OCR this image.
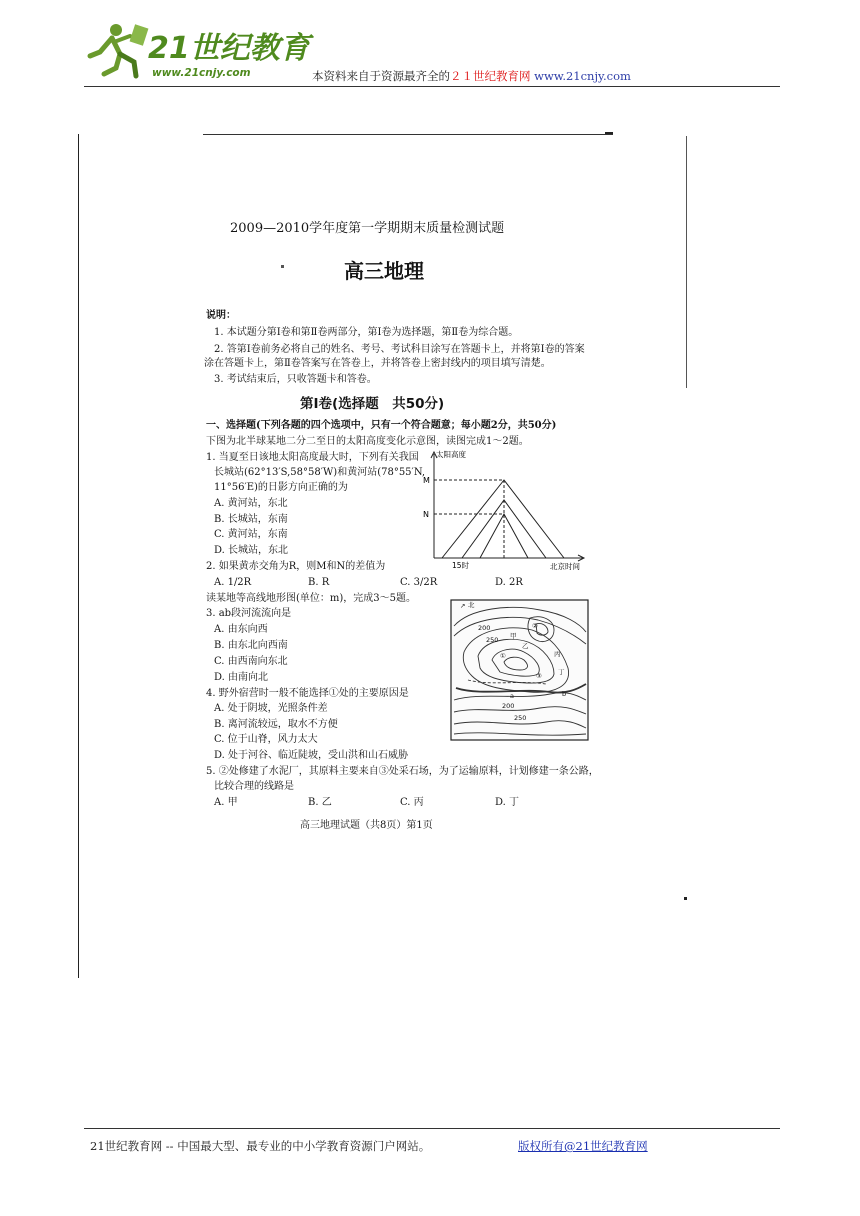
21世纪教育
www.21cnjy.com	本资料来自于资源最齐全的２１世纪教育网 www.21cnjy.com
2009—2010学年度第一学期期末质量检测试题
高三地理
说明：
1. 本试题分第Ⅰ卷和第Ⅱ卷两部分，第Ⅰ卷为选择题，第Ⅱ卷为综合题。
2. 答第Ⅰ卷前务必将自己的姓名、考号、考试科目涂写在答题卡上，并将第Ⅰ卷的答案
涂在答题卡上，第Ⅱ卷答案写在答卷上，并将答卷上密封线内的项目填写清楚。
3. 考试结束后，只收答题卡和答卷。
第Ⅰ卷(选择题　共50分)
一、选择题(下列各题的四个选项中，只有一个符合题意；每小题2分，共50分)
下图为北半球某地二分二至日的太阳高度变化示意图，读图完成1～2题。
1. 当夏至日该地太阳高度最大时，下列有关我国
长城站(62°13′S,58°58′W)和黄河站(78°55′N,
11°56′E)的日影方向正确的为
A. 黄河站，东北
B. 长城站，东南
C. 黄河站，东南
D. 长城站，东北
2. 如果黄赤交角为R，则M和N的差值为
A. 1/2R	B. R	C. 3/2R	D. 2R
读某地等高线地形图(单位：m)，完成3～5题。
3. ab段河流流向是
A. 由东向西
B. 由东北向西南
C. 由西南向东北
D. 由南向北
4. 野外宿营时一般不能选择①处的主要原因是
A. 处于阴坡，光照条件差
B. 离河流较远，取水不方便
C. 位于山脊，风力太大
D. 处于河谷、临近陡坡，受山洪和山石威胁
5. ②处修建了水泥厂，其原料主要来自③处采石场，为了运输原料，计划修建一条公路，
比较合理的线路是
A. 甲	B. 乙	C. 丙	D. 丁
高三地理试题（共8页）第1页
太阳高度
M
N
15时	北京时间
↗ 北
200
250
200
250
甲
乙
丙
丁
a	b
①
②
③
21世纪教育网 -- 中国最大型、最专业的中小学教育资源门户网站。	版权所有@21世纪教育网
